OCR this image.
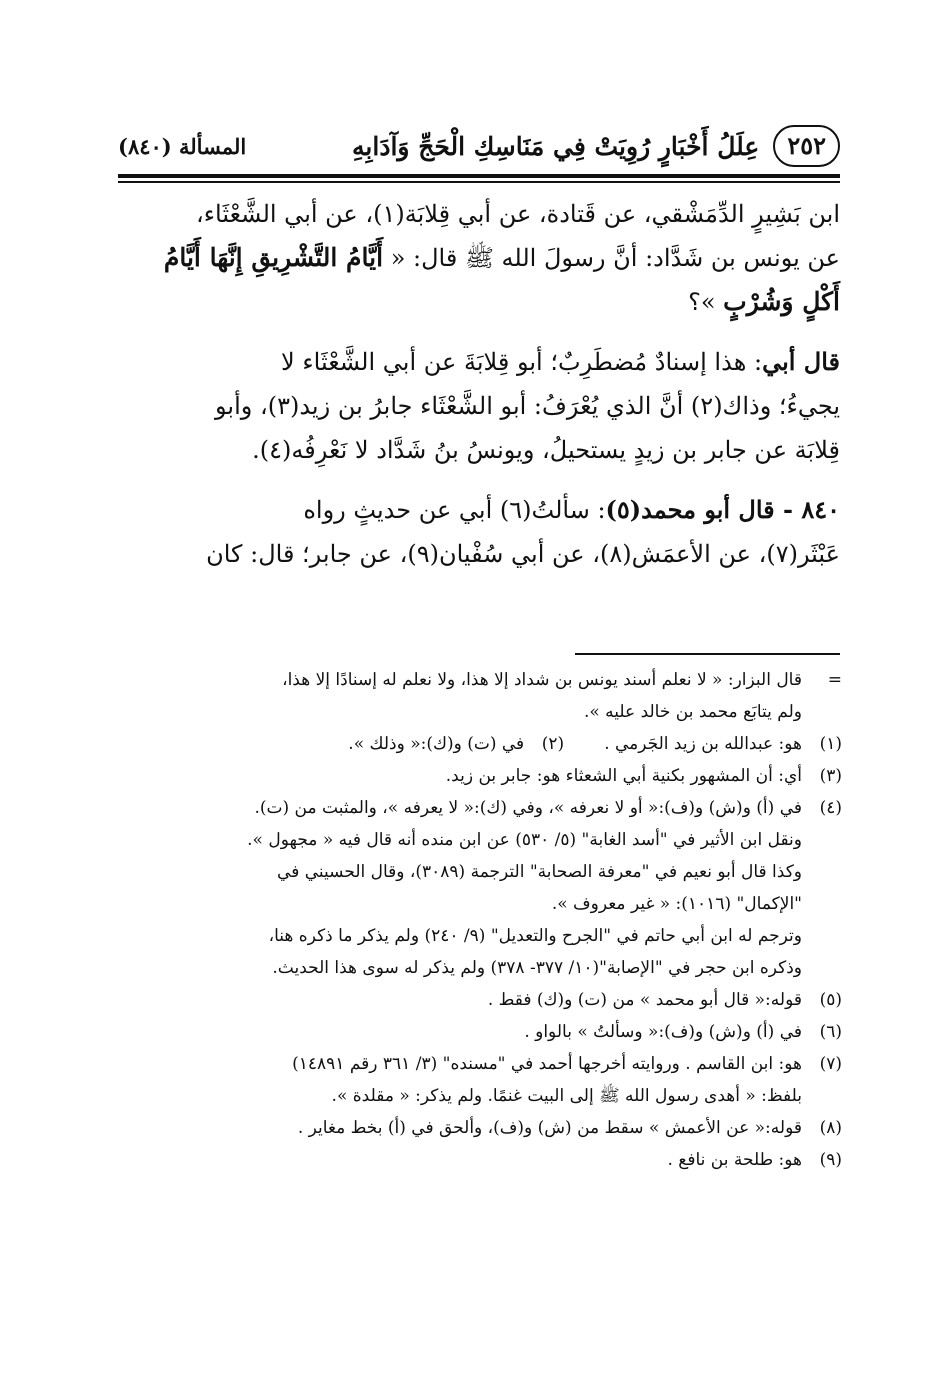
٢٥٢
عِلَلُ أَخْبَارٍ رُوِيَتْ فِي مَنَاسِكِ الْحَجِّ وَآدَابِهِ
المسألة (٨٤٠)

ابن بَشِيرٍ الدِّمَشْقي، عن قَتادة، عن أبي قِلابَة(١)، عن أبي الشَّعْثَاء،
عن يونس بن شَدَّاد: أنَّ رسولَ الله ﷺ قال: « أَيَّامُ التَّشْرِيقِ إِنَّهَا أَيَّامُ
أَكْلٍ وَشُرْبٍ »؟

قال أبي: هذا إسنادٌ مُضطَرِبٌ؛ أبو قِلابَةَ عن أبي الشَّعْثَاء لا
يجيءُ؛ وذاك(٢) أنَّ الذي يُعْرَفُ: أبو الشَّعْثَاء جابرُ بن زيد(٣)، وأبو
قِلابَة عن جابر بن زيدٍ يستحيلُ، ويونسُ بنُ شَدَّاد لا نَعْرِفُه(٤).

٨٤٠ - قال أبو محمد(٥): سألتُ(٦) أبي عن حديثٍ رواه
عَبْثَر(٧)، عن الأعمَش(٨)، عن أبي سُفْيان(٩)، عن جابر؛ قال: كان

=
قال البزار: « لا نعلم أسند يونس بن شداد إلا هذا، ولا نعلم له إسنادًا إلا هذا،
ولم يتابَع محمد بن خالد عليه ».
(١)
هو: عبدالله بن زيد الجَرمي .
(٢)
في (ت) و(ك):« وذلك ».
(٣)
أي: أن المشهور بكنية أبي الشعثاء هو: جابر بن زيد.
(٤)
في (أ) و(ش) و(ف):« أو لا نعرفه »، وفي (ك):« لا يعرفه »، والمثبت من (ت).
ونقل ابن الأثير في "أسد الغابة" (٥/ ٥٣٠) عن ابن منده أنه قال فيه « مجهول ».
وكذا قال أبو نعيم في "معرفة الصحابة" الترجمة (٣٠٨٩)، وقال الحسيني في
"الإكمال" (١٠١٦): « غير معروف ».
وترجم له ابن أبي حاتم في "الجرح والتعديل" (٩/ ٢٤٠) ولم يذكر ما ذكره هنا،
وذكره ابن حجر في "الإصابة"(١٠/ ٣٧٧- ٣٧٨) ولم يذكر له سوى هذا الحديث.
(٥)
قوله:« قال أبو محمد » من (ت) و(ك) فقط .
(٦)
في (أ) و(ش) و(ف):« وسألتُ » بالواو .
(٧)
هو: ابن القاسم . وروايته أخرجها أحمد في "مسنده" (٣/ ٣٦١ رقم ١٤٨٩١)
بلفظ: « أهدى رسول الله ﷺ إلى البيت غنمًا. ولم يذكر: « مقلدة ».
(٨)
قوله:« عن الأعمش » سقط من (ش) و(ف)، وألحق في (أ) بخط مغاير .
(٩)
هو: طلحة بن نافع .
